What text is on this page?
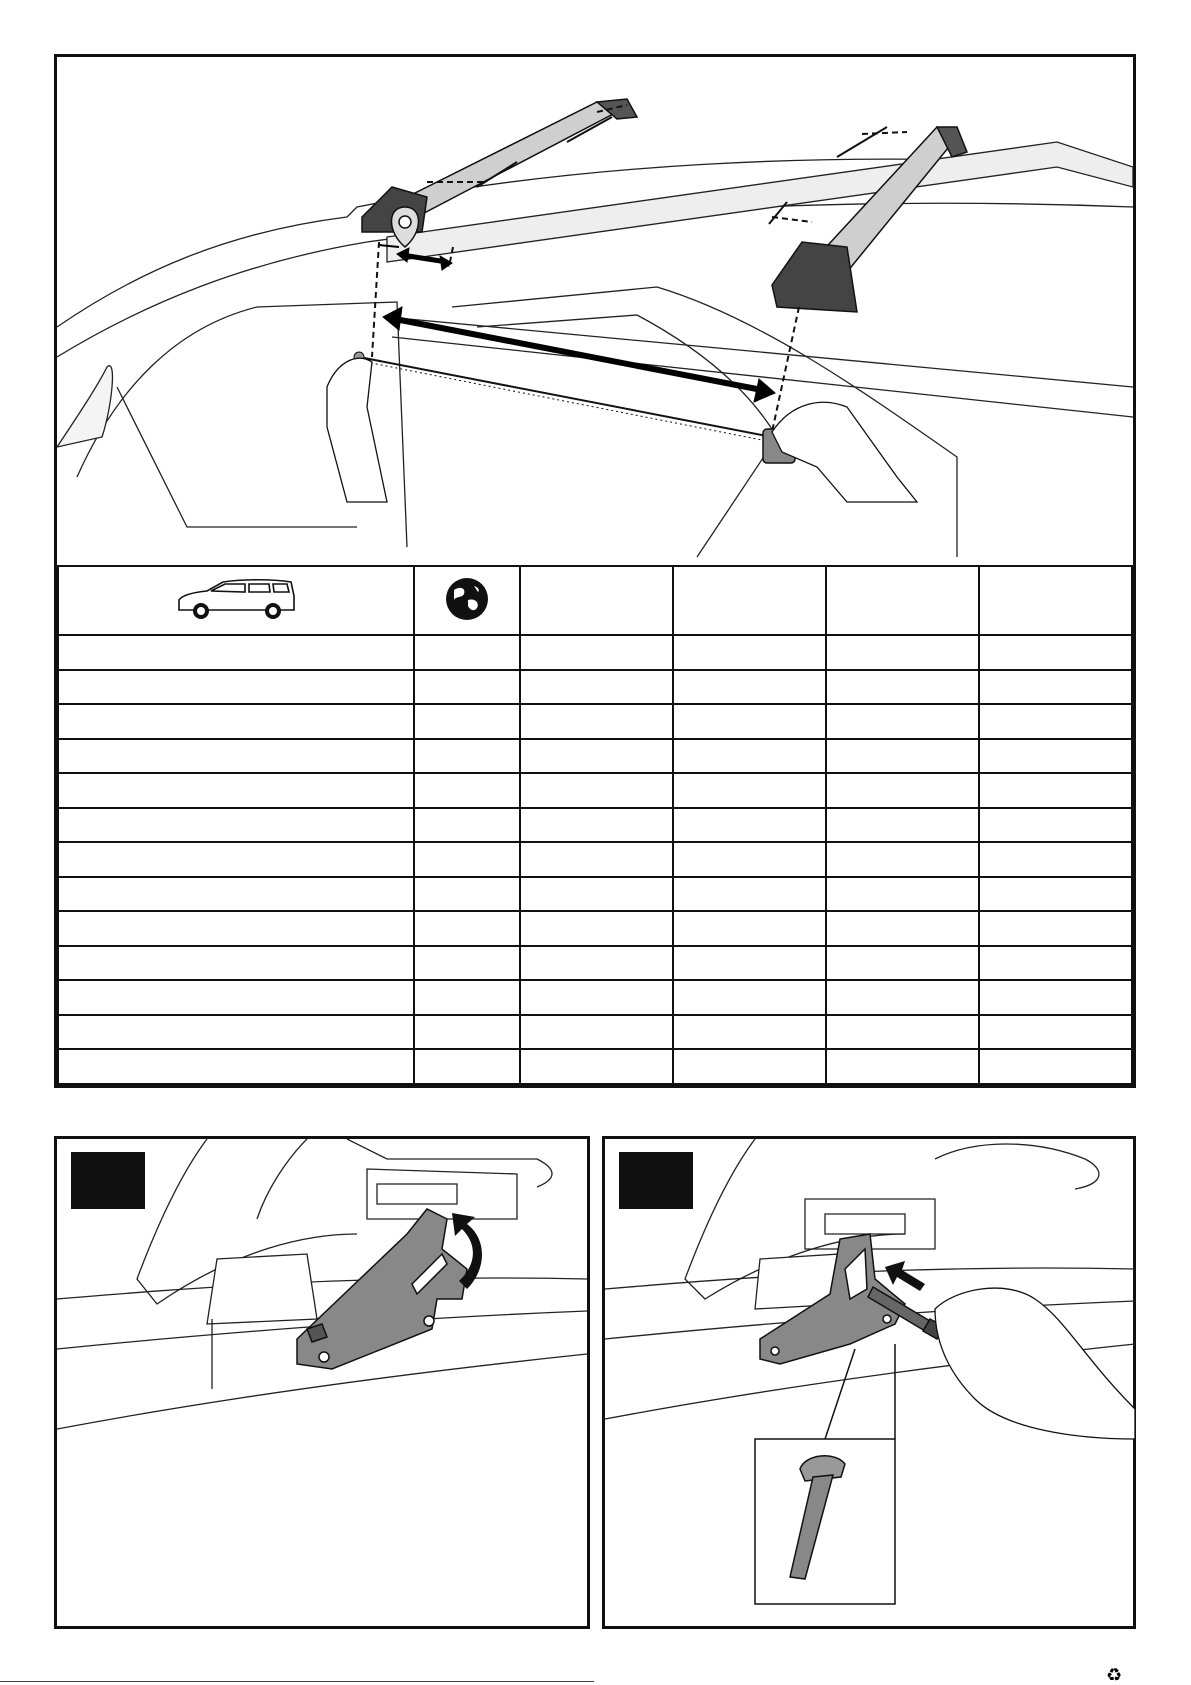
♻
